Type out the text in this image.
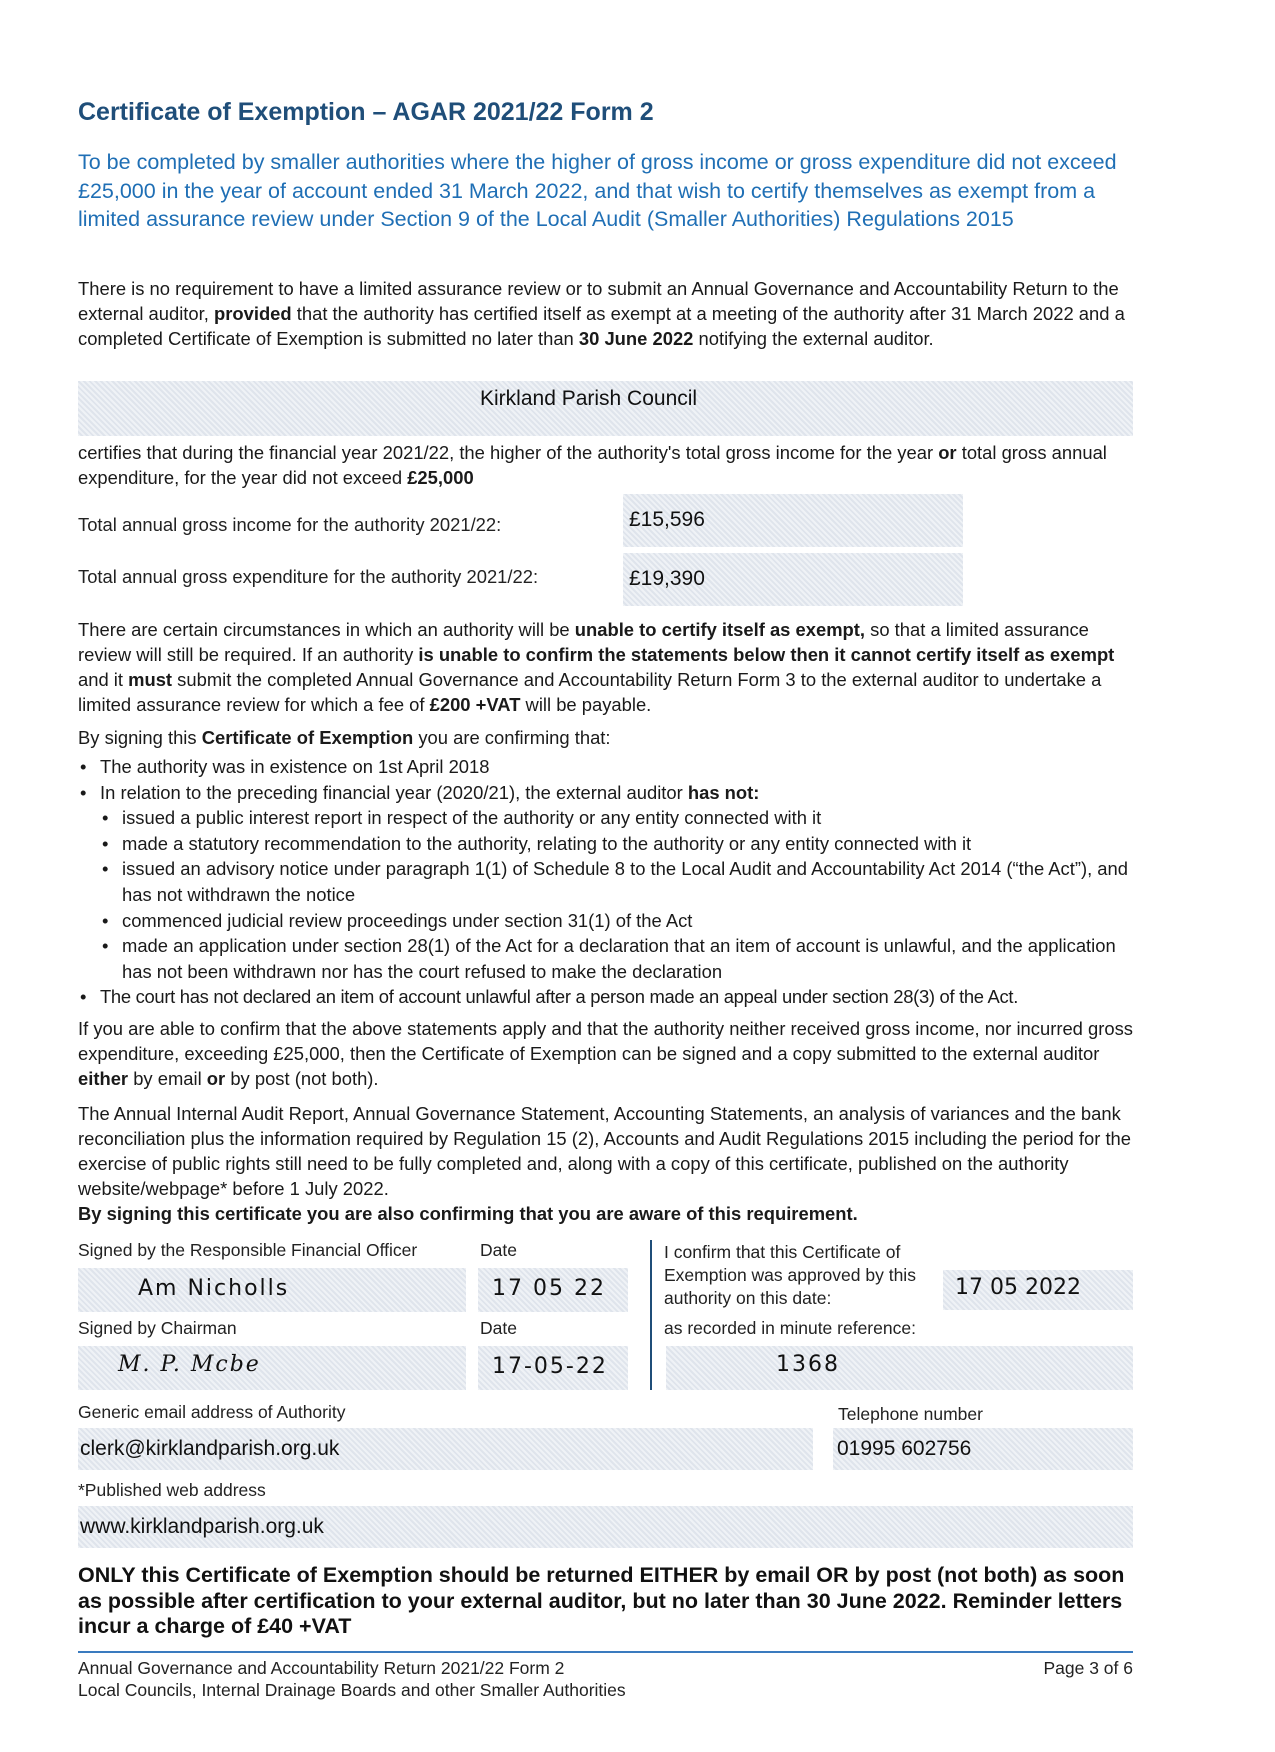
Certificate of Exemption – AGAR 2021/22 Form 2

To be completed by smaller authorities where the higher of gross income or gross expenditure did not exceed £25,000 in the year of account ended 31 March 2022, and that wish to certify themselves as exempt from a limited assurance review under Section 9 of the Local Audit (Smaller Authorities) Regulations 2015

There is no requirement to have a limited assurance review or to submit an Annual Governance and Accountability Return to the external auditor, provided that the authority has certified itself as exempt at a meeting of the authority after 31 March 2022 and a completed Certificate of Exemption is submitted no later than 30 June 2022 notifying the external auditor.

Kirkland Parish Council

certifies that during the financial year 2021/22, the higher of the authority's total gross income for the year or total gross annual expenditure, for the year did not exceed £25,000

Total annual gross income for the authority 2021/22:	£15,596
Total annual gross expenditure for the authority 2021/22:	£19,390

There are certain circumstances in which an authority will be unable to certify itself as exempt, so that a limited assurance review will still be required. If an authority is unable to confirm the statements below then it cannot certify itself as exempt and it must submit the completed Annual Governance and Accountability Return Form 3 to the external auditor to undertake a limited assurance review for which a fee of £200 +VAT will be payable.

By signing this Certificate of Exemption you are confirming that:

• The authority was in existence on 1st April 2018
• In relation to the preceding financial year (2020/21), the external auditor has not:
• issued a public interest report in respect of the authority or any entity connected with it
• made a statutory recommendation to the authority, relating to the authority or any entity connected with it
• issued an advisory notice under paragraph 1(1) of Schedule 8 to the Local Audit and Accountability Act 2014 (“the Act”), and has not withdrawn the notice
• commenced judicial review proceedings under section 31(1) of the Act
• made an application under section 28(1) of the Act for a declaration that an item of account is unlawful, and the application has not been withdrawn nor has the court refused to make the declaration
• The court has not declared an item of account unlawful after a person made an appeal under section 28(3) of the Act.

If you are able to confirm that the above statements apply and that the authority neither received gross income, nor incurred gross expenditure, exceeding £25,000, then the Certificate of Exemption can be signed and a copy submitted to the external auditor either by email or by post (not both).

The Annual Internal Audit Report, Annual Governance Statement, Accounting Statements, an analysis of variances and the bank reconciliation plus the information required by Regulation 15 (2), Accounts and Audit Regulations 2015 including the period for the exercise of public rights still need to be fully completed and, along with a copy of this certificate, published on the authority website/webpage* before 1 July 2022.
By signing this certificate you are also confirming that you are aware of this requirement.

Signed by the Responsible Financial Officer	Date
Am Nicholls	17 05 22
Signed by Chairman	Date
M. P. Mcbe	17-05-22
I confirm that this Certificate of Exemption was approved by this authority on this date:	17 05 2022
as recorded in minute reference:
1368
Generic email address of Authority	Telephone number
clerk@kirklandparish.org.uk	01995 602756
*Published web address
www.kirklandparish.org.uk

ONLY this Certificate of Exemption should be returned EITHER by email OR by post (not both) as soon as possible after certification to your external auditor, but no later than 30 June 2022. Reminder letters incur a charge of £40 +VAT

Annual Governance and Accountability Return 2021/22 Form 2
Local Councils, Internal Drainage Boards and other Smaller Authorities
Page 3 of 6
